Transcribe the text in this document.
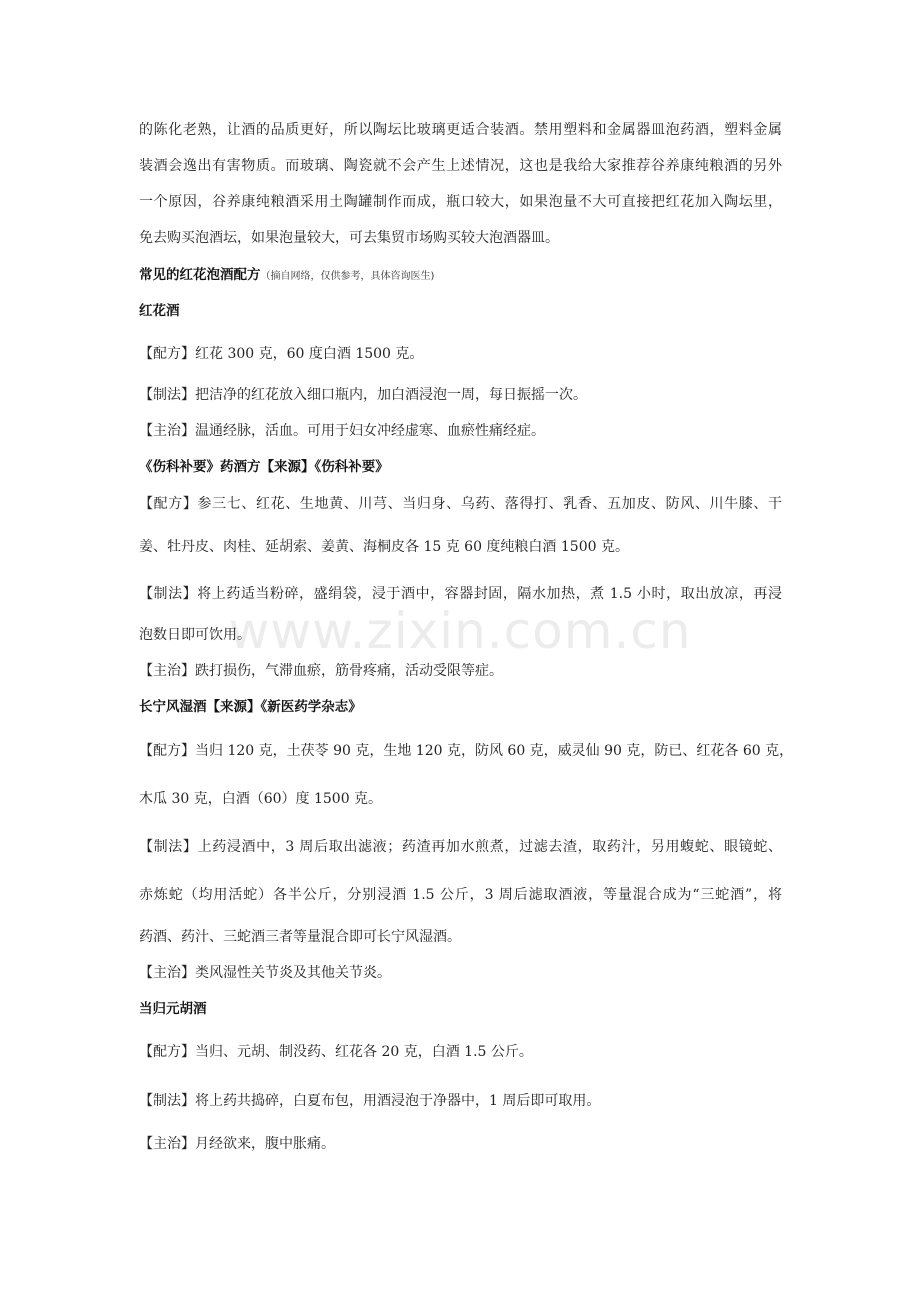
www.zixin.com.cn
的陈化老熟，让酒的品质更好，所以陶坛比玻璃更适合装酒。禁用塑料和金属器皿泡药酒，塑料金属
装酒会逸出有害物质。而玻璃、陶瓷就不会产生上述情况，这也是我给大家推荐谷养康纯粮酒的另外
一个原因，谷养康纯粮酒采用土陶罐制作而成，瓶口较大，如果泡量不大可直接把红花加入陶坛里，
免去购买泡酒坛，如果泡量较大，可去集贸市场购买较大泡酒器皿。
常见的红花泡酒配方（摘自网络，仅供参考，具体咨询医生)
红花酒
【配方】红花 300 克，60 度白酒 1500 克。
【制法】把洁净的红花放入细口瓶内，加白酒浸泡一周，每日振摇一次。
【主治】温通经脉，活血。可用于妇女冲经虚寒、血瘀性痛经症。
《伤科补要》药酒方【来源】《伤科补要》
【配方】参三七、红花、生地黄、川芎、当归身、乌药、落得打、乳香、五加皮、防风、川牛膝、干
姜、牡丹皮、肉桂、延胡索、姜黄、海桐皮各 15 克 60 度纯粮白酒 1500 克。
【制法】将上药适当粉碎，盛绢袋，浸于酒中，容器封固，隔水加热，煮 1.5 小时，取出放凉，再浸
泡数日即可饮用。
【主治】跌打损伤，气滞血瘀，筋骨疼痛，活动受限等症。
长宁风湿酒【来源】《新医药学杂志》
【配方】当归 120 克，土茯苓 90 克，生地 120 克，防风 60 克，威灵仙 90 克，防已、红花各 60 克，
木瓜 30 克，白酒（60）度 1500 克。
【制法】上药浸酒中，3 周后取出滤液；药渣再加水煎煮，过滤去渣，取药汁，另用蝮蛇、眼镜蛇、
赤炼蛇（均用活蛇）各半公斤，分别浸酒 1.5 公斤，3 周后滤取酒液，等量混合成为“三蛇酒”，将
药酒、药汁、三蛇酒三者等量混合即可长宁风湿酒。
【主治】类风湿性关节炎及其他关节炎。
当归元胡酒
【配方】当归、元胡、制没药、红花各 20 克，白酒 1.5 公斤。
【制法】将上药共捣碎，白夏布包，用酒浸泡于净器中，1 周后即可取用。
【主治】月经欲来，腹中胀痛。
